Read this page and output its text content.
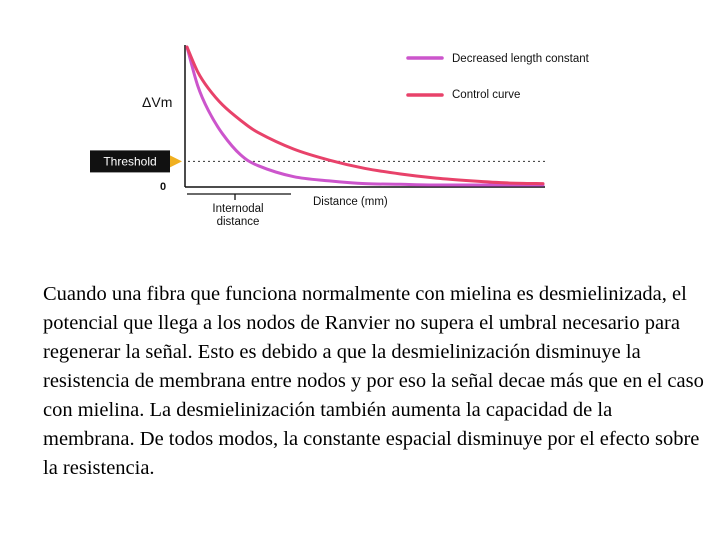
Internodal
distance
ΔVm
Distance (mm)
0
Threshold
Decreased length constant
Control curve

Cuando una fibra que funciona normalmente con mielina es desmielinizada, el potencial que llega a los nodos de Ranvier no supera el umbral necesario para regenerar la señal. Esto es debido a que la desmielinización disminuye la resistencia de membrana entre nodos y por eso la señal decae más que en el caso con mielina. La desmielinización también aumenta la capacidad de la membrana. De todos modos, la constante espacial disminuye por el efecto sobre la resistencia.
